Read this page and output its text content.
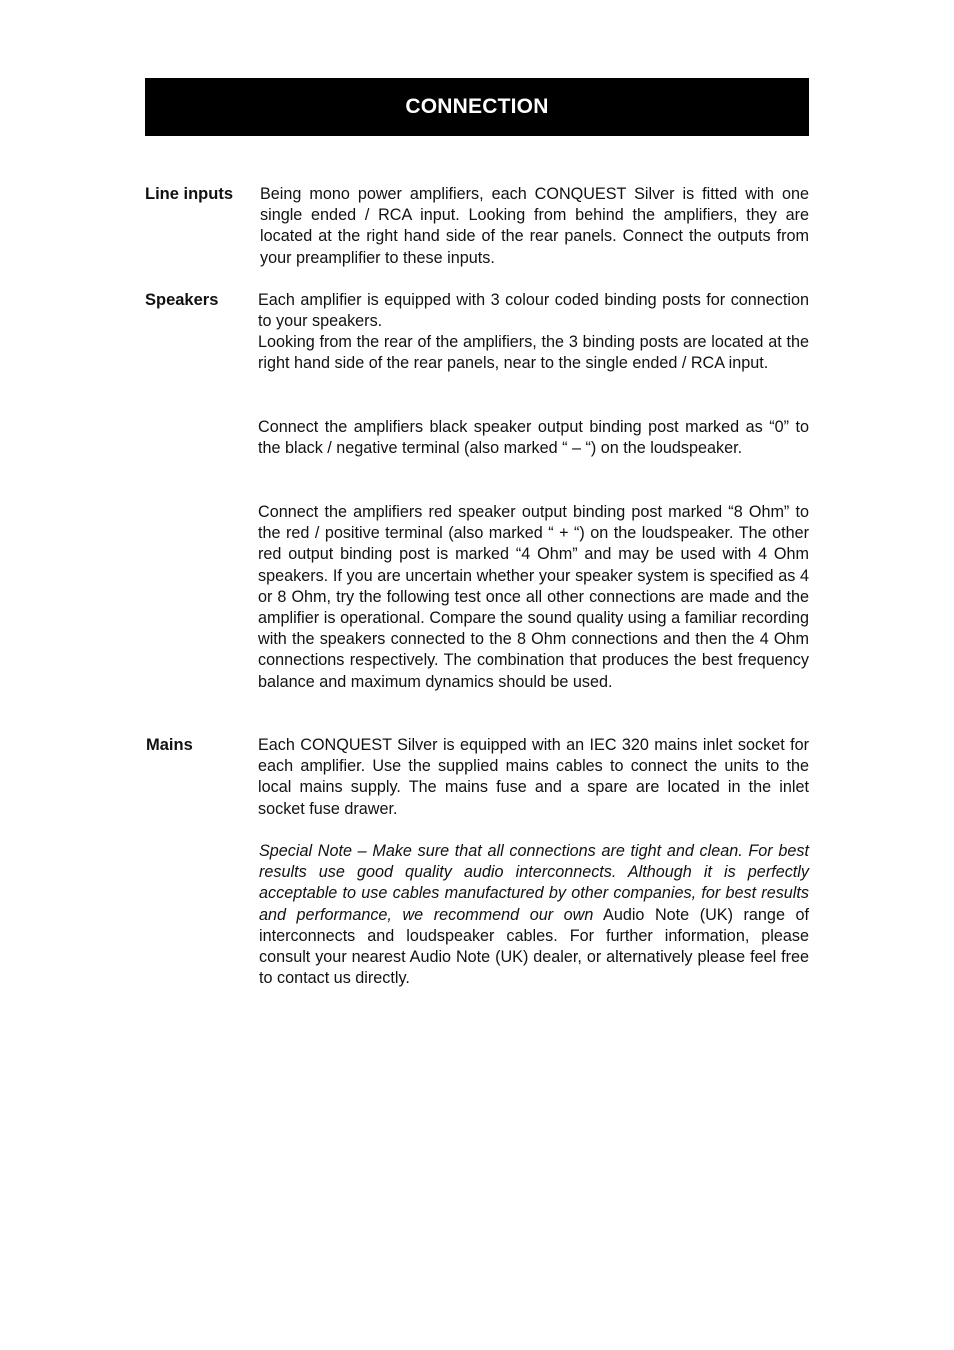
CONNECTION

Line inputs Being mono power amplifiers, each CONQUEST Silver is fitted with one single ended / RCA input. Looking from behind the amplifiers, they are located at the right hand side of the rear panels. Connect the outputs from your preamplifier to these inputs.

Speakers Each amplifier is equipped with 3 colour coded binding posts for connection to your speakers.

Looking from the rear of the amplifiers, the 3 binding posts are located at the right hand side of the rear panels, near to the single ended / RCA input.

Connect the amplifiers black speaker output binding post marked as “0” to the black / negative terminal (also marked “ – “) on the loudspeaker.

Connect the amplifiers red speaker output binding post marked “8 Ohm” to the red / positive terminal (also marked “ + “) on the loudspeaker. The other red output binding post is marked “4 Ohm” and may be used with 4 Ohm speakers. If you are uncertain whether your speaker system is specified as 4 or 8 Ohm, try the following test once all other connections are made and the amplifier is operational. Compare the sound quality using a familiar recording with the speakers connected to the 8 Ohm connections and then the 4 Ohm connections respectively. The combination that produces the best frequency balance and maximum dynamics should be used.

Mains	Each CONQUEST Silver is equipped with an IEC 320 mains inlet socket for each amplifier. Use the supplied mains cables to connect the units to the local mains supply. The mains fuse and a spare are located in the inlet socket fuse drawer.

Special Note – Make sure that all connections are tight and clean. For best results use good quality audio interconnects. Although it is perfectly acceptable to use cables manufactured by other companies, for best results and performance, we recommend our own Audio Note (UK) range of interconnects and loudspeaker cables. For further information, please consult your nearest Audio Note (UK) dealer, or alternatively please feel free to contact us directly.
